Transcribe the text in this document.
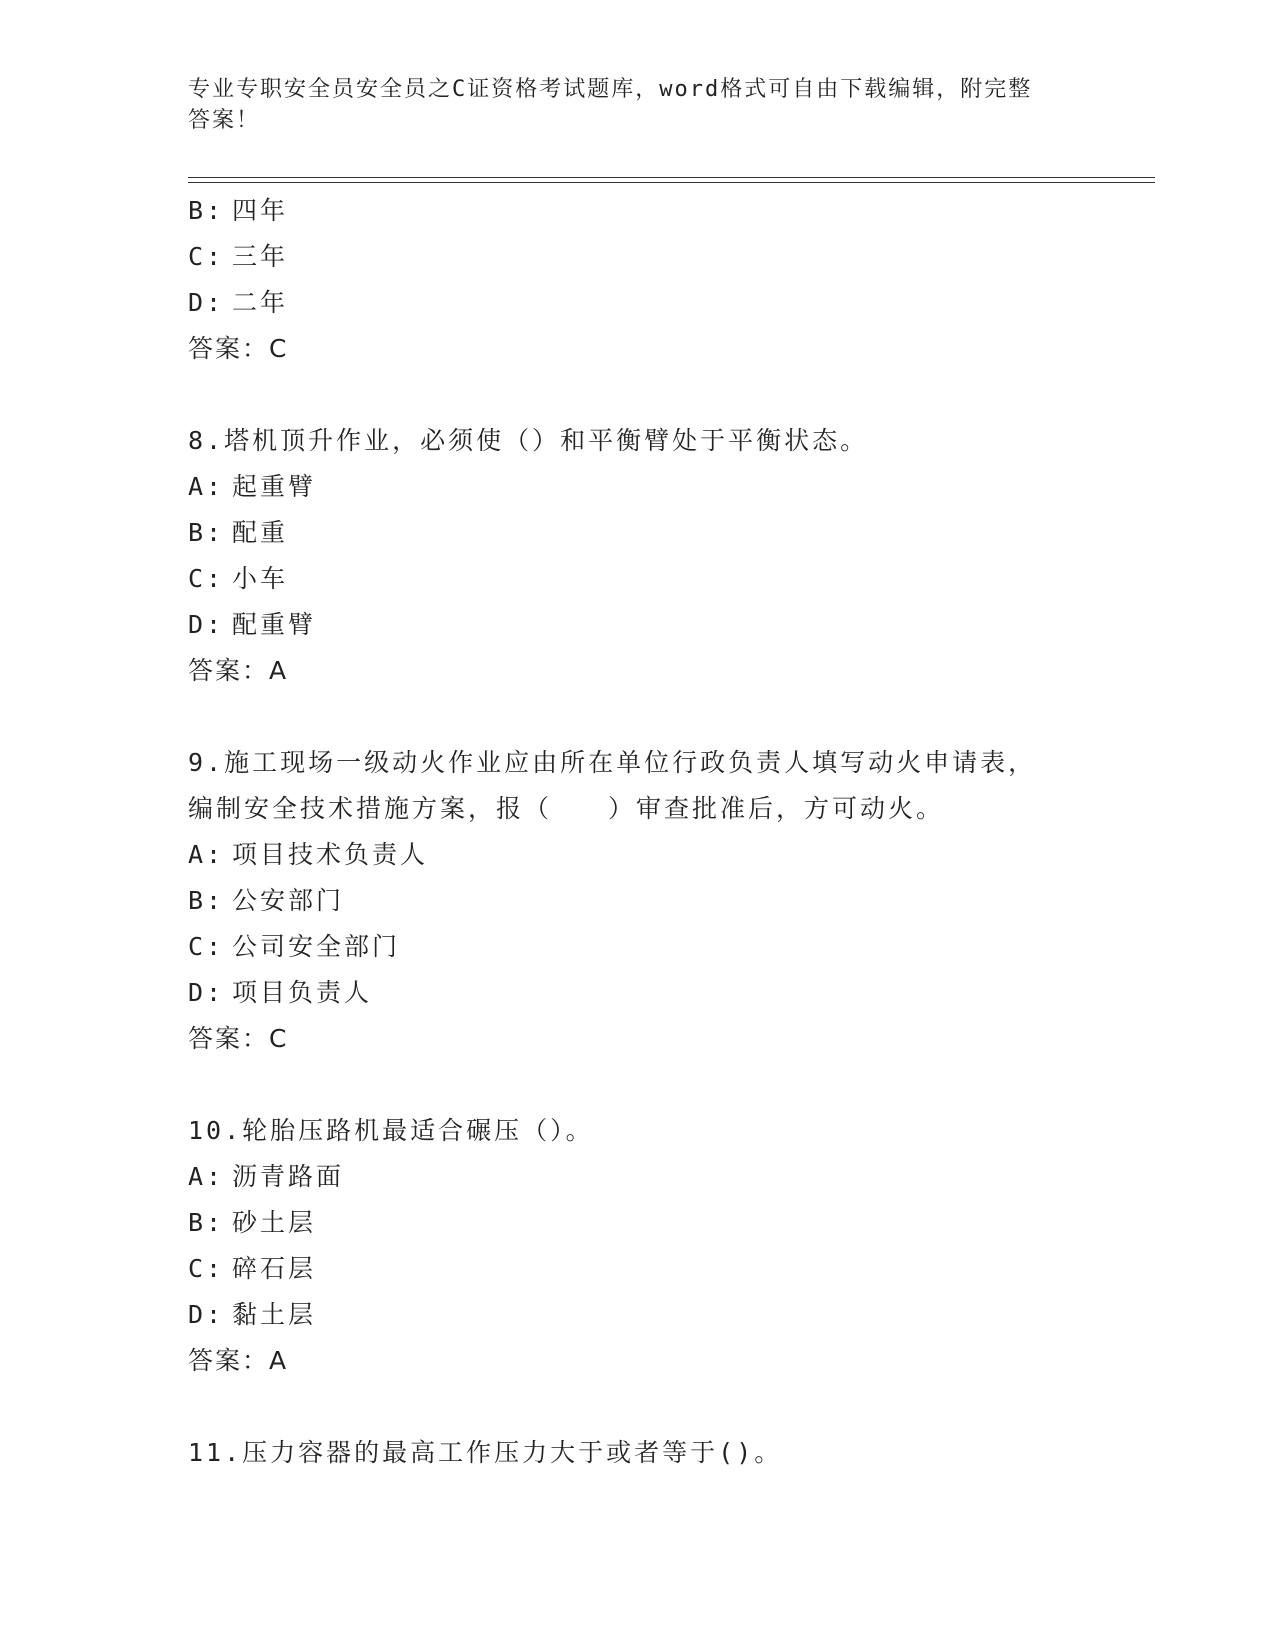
专业专职安全员安全员之C证资格考试题库，word格式可自由下载编辑，附完整
答案！
B: 四年
C: 三年
D: 二年
答案：C
8.塔机顶升作业，必须使（）和平衡臂处于平衡状态。
A: 起重臂
B: 配重
C: 小车
D: 配重臂
答案：A
9.施工现场一级动火作业应由所在单位行政负责人填写动火申请表，
编制安全技术措施方案，报（　　）审查批准后，方可动火。
A: 项目技术负责人
B: 公安部门
C: 公司安全部门
D: 项目负责人
答案：C
10.轮胎压路机最适合碾压（）。
A: 沥青路面
B: 砂土层
C: 碎石层
D: 黏土层
答案：A
11.压力容器的最高工作压力大于或者等于()。
